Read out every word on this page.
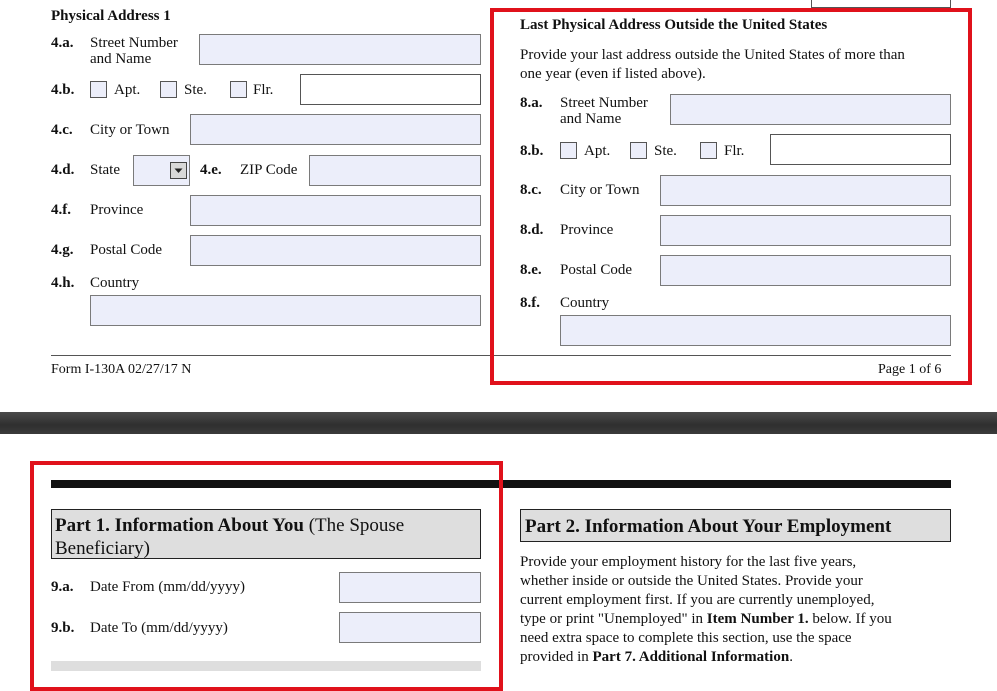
Physical Address 1
4.a. Street Number
and Name
4.b.	Apt.	Ste.	Flr.
4.c. City or Town
4.d. State	4.e. ZIP Code
4.f. Province
4.g. Postal Code
4.h. Country
Last Physical Address Outside the United States
Provide your last address outside the United States of more than
one year (even if listed above).
8.a. Street Number
and Name
8.b.	Apt.	Ste.	Flr.
8.c. City or Town
8.d. Province
8.e. Postal Code
8.f. Country
Form I-130A 02/27/17 N	Page 1 of 6
Part 1. Information About You (The Spouse
Beneficiary)
9.a. Date From (mm/dd/yyyy)
9.b. Date To (mm/dd/yyyy)
Part 2. Information About Your Employment
Provide your employment history for the last five years,
whether inside or outside the United States. Provide your
current employment first. If you are currently unemployed,
type or print "Unemployed" in Item Number 1. below. If you
need extra space to complete this section, use the space
provided in Part 7. Additional Information.
